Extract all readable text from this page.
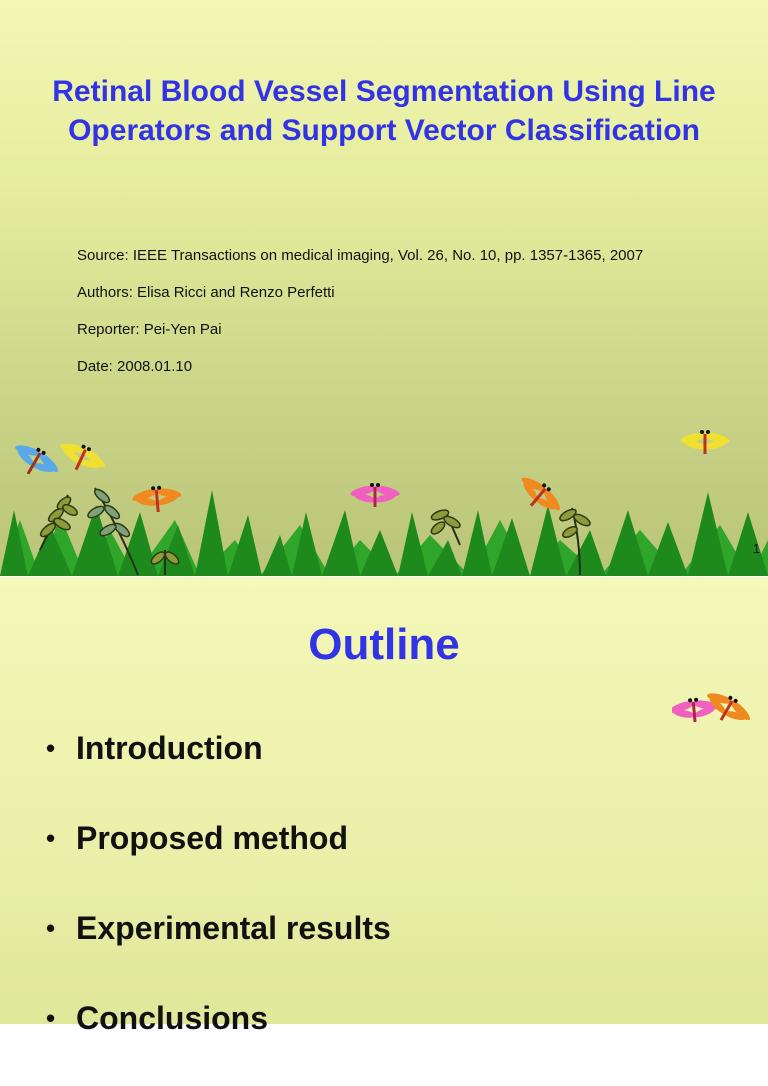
Retinal Blood Vessel Segmentation Using Line Operators and Support Vector Classification
Source: IEEE Transactions on medical imaging, Vol. 26, No. 10, pp. 1357-1365, 2007
Authors: Elisa Ricci and Renzo Perfetti
Reporter: Pei-Yen Pai
Date: 2008.01.10
1
Outline
• Introduction
• Proposed method
• Experimental results
• Conclusions
